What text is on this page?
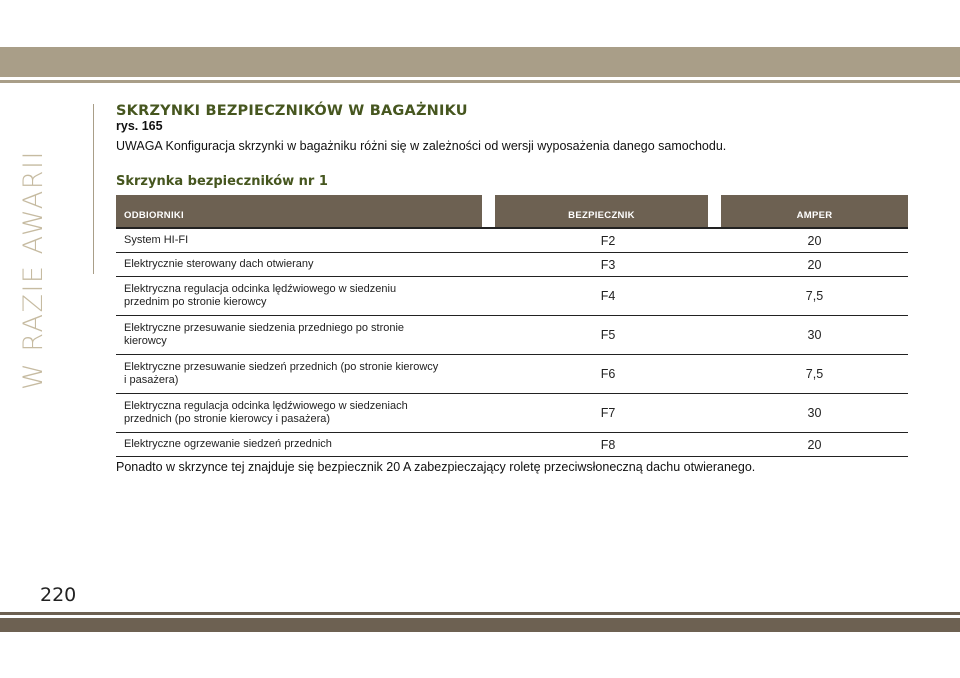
W RAZIE AWARII
SKRZYNKI BEZPIECZNIKÓW W BAGAŻNIKU
rys. 165
UWAGA Konfiguracja skrzynki w bagażniku różni się w zależności od wersji wyposażenia danego samochodu.
Skrzynka bezpieczników nr 1
ODBIORNIKI	BEZPIECZNIK	AMPER
System HI-FI	F2	20
Elektrycznie sterowany dach otwierany	F3	20
Elektryczna regulacja odcinka lędźwiowego w siedzeniu
przednim po stronie kierowcy	F4	7,5
Elektryczne przesuwanie siedzenia przedniego po stronie
kierowcy	F5	30
Elektryczne przesuwanie siedzeń przednich (po stronie kierowcy
i pasażera)	F6	7,5
Elektryczna regulacja odcinka lędźwiowego w siedzeniach
przednich (po stronie kierowcy i pasażera)	F7	30
Elektryczne ogrzewanie siedzeń przednich	F8	20
Ponadto w skrzynce tej znajduje się bezpiecznik 20 A zabezpieczający roletę przeciwsłoneczną dachu otwieranego.
220
